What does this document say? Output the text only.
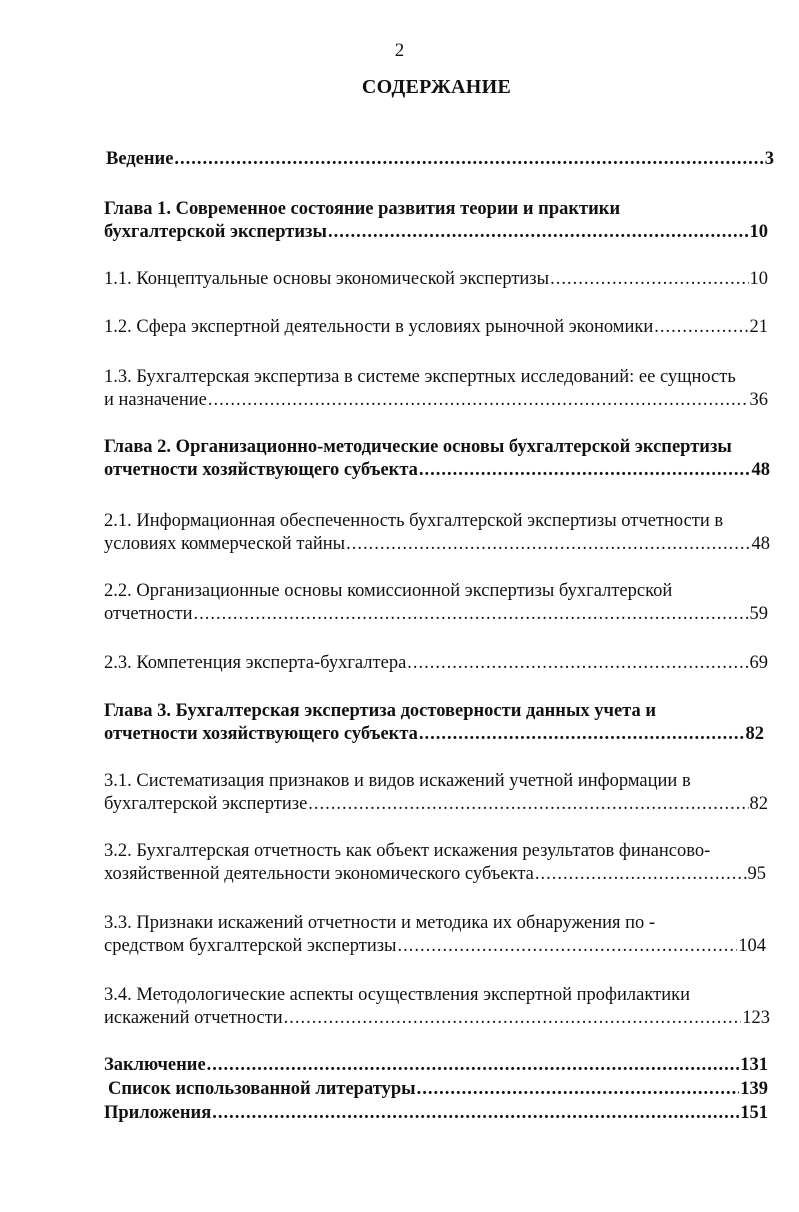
2
СОДЕРЖАНИЕ
Ведение .....	3
Глава 1. Современное состояние развития теории и практики
бухгалтерской экспертизы .....	10
1.1. Концептуальные основы экономической экспертизы .....	10
1.2. Сфера экспертной деятельности в условиях рыночной экономики .....	21
1.3. Бухгалтерская экспертиза в системе экспертных исследований: ее сущность
и назначение .....	36
Глава 2. Организационно-методические основы бухгалтерской экспертизы
отчетности хозяйствующего субъекта .....	48
2.1. Информационная обеспеченность бухгалтерской экспертизы отчетности в
условиях коммерческой тайны .....	48
2.2. Организационные основы комиссионной экспертизы бухгалтерской
отчетности .....	59
2.3. Компетенция эксперта-бухгалтера .....	69
Глава 3. Бухгалтерская экспертиза достоверности данных учета и
отчетности хозяйствующего субъекта .....	82
3.1. Систематизация признаков и видов искажений учетной информации в
бухгалтерской экспертизе .....	82
3.2. Бухгалтерская отчетность как объект искажения результатов финансово-
хозяйственной деятельности экономического субъекта .....	95
3.3. Признаки искажений отчетности и методика их обнаружения по -
средством бухгалтерской экспертизы .....	104
3.4. Методологические аспекты осуществления экспертной профилактики
искажений отчетности .....	123
Заключение .....	131
Список использованной литературы .....	139
Приложения .....	151
